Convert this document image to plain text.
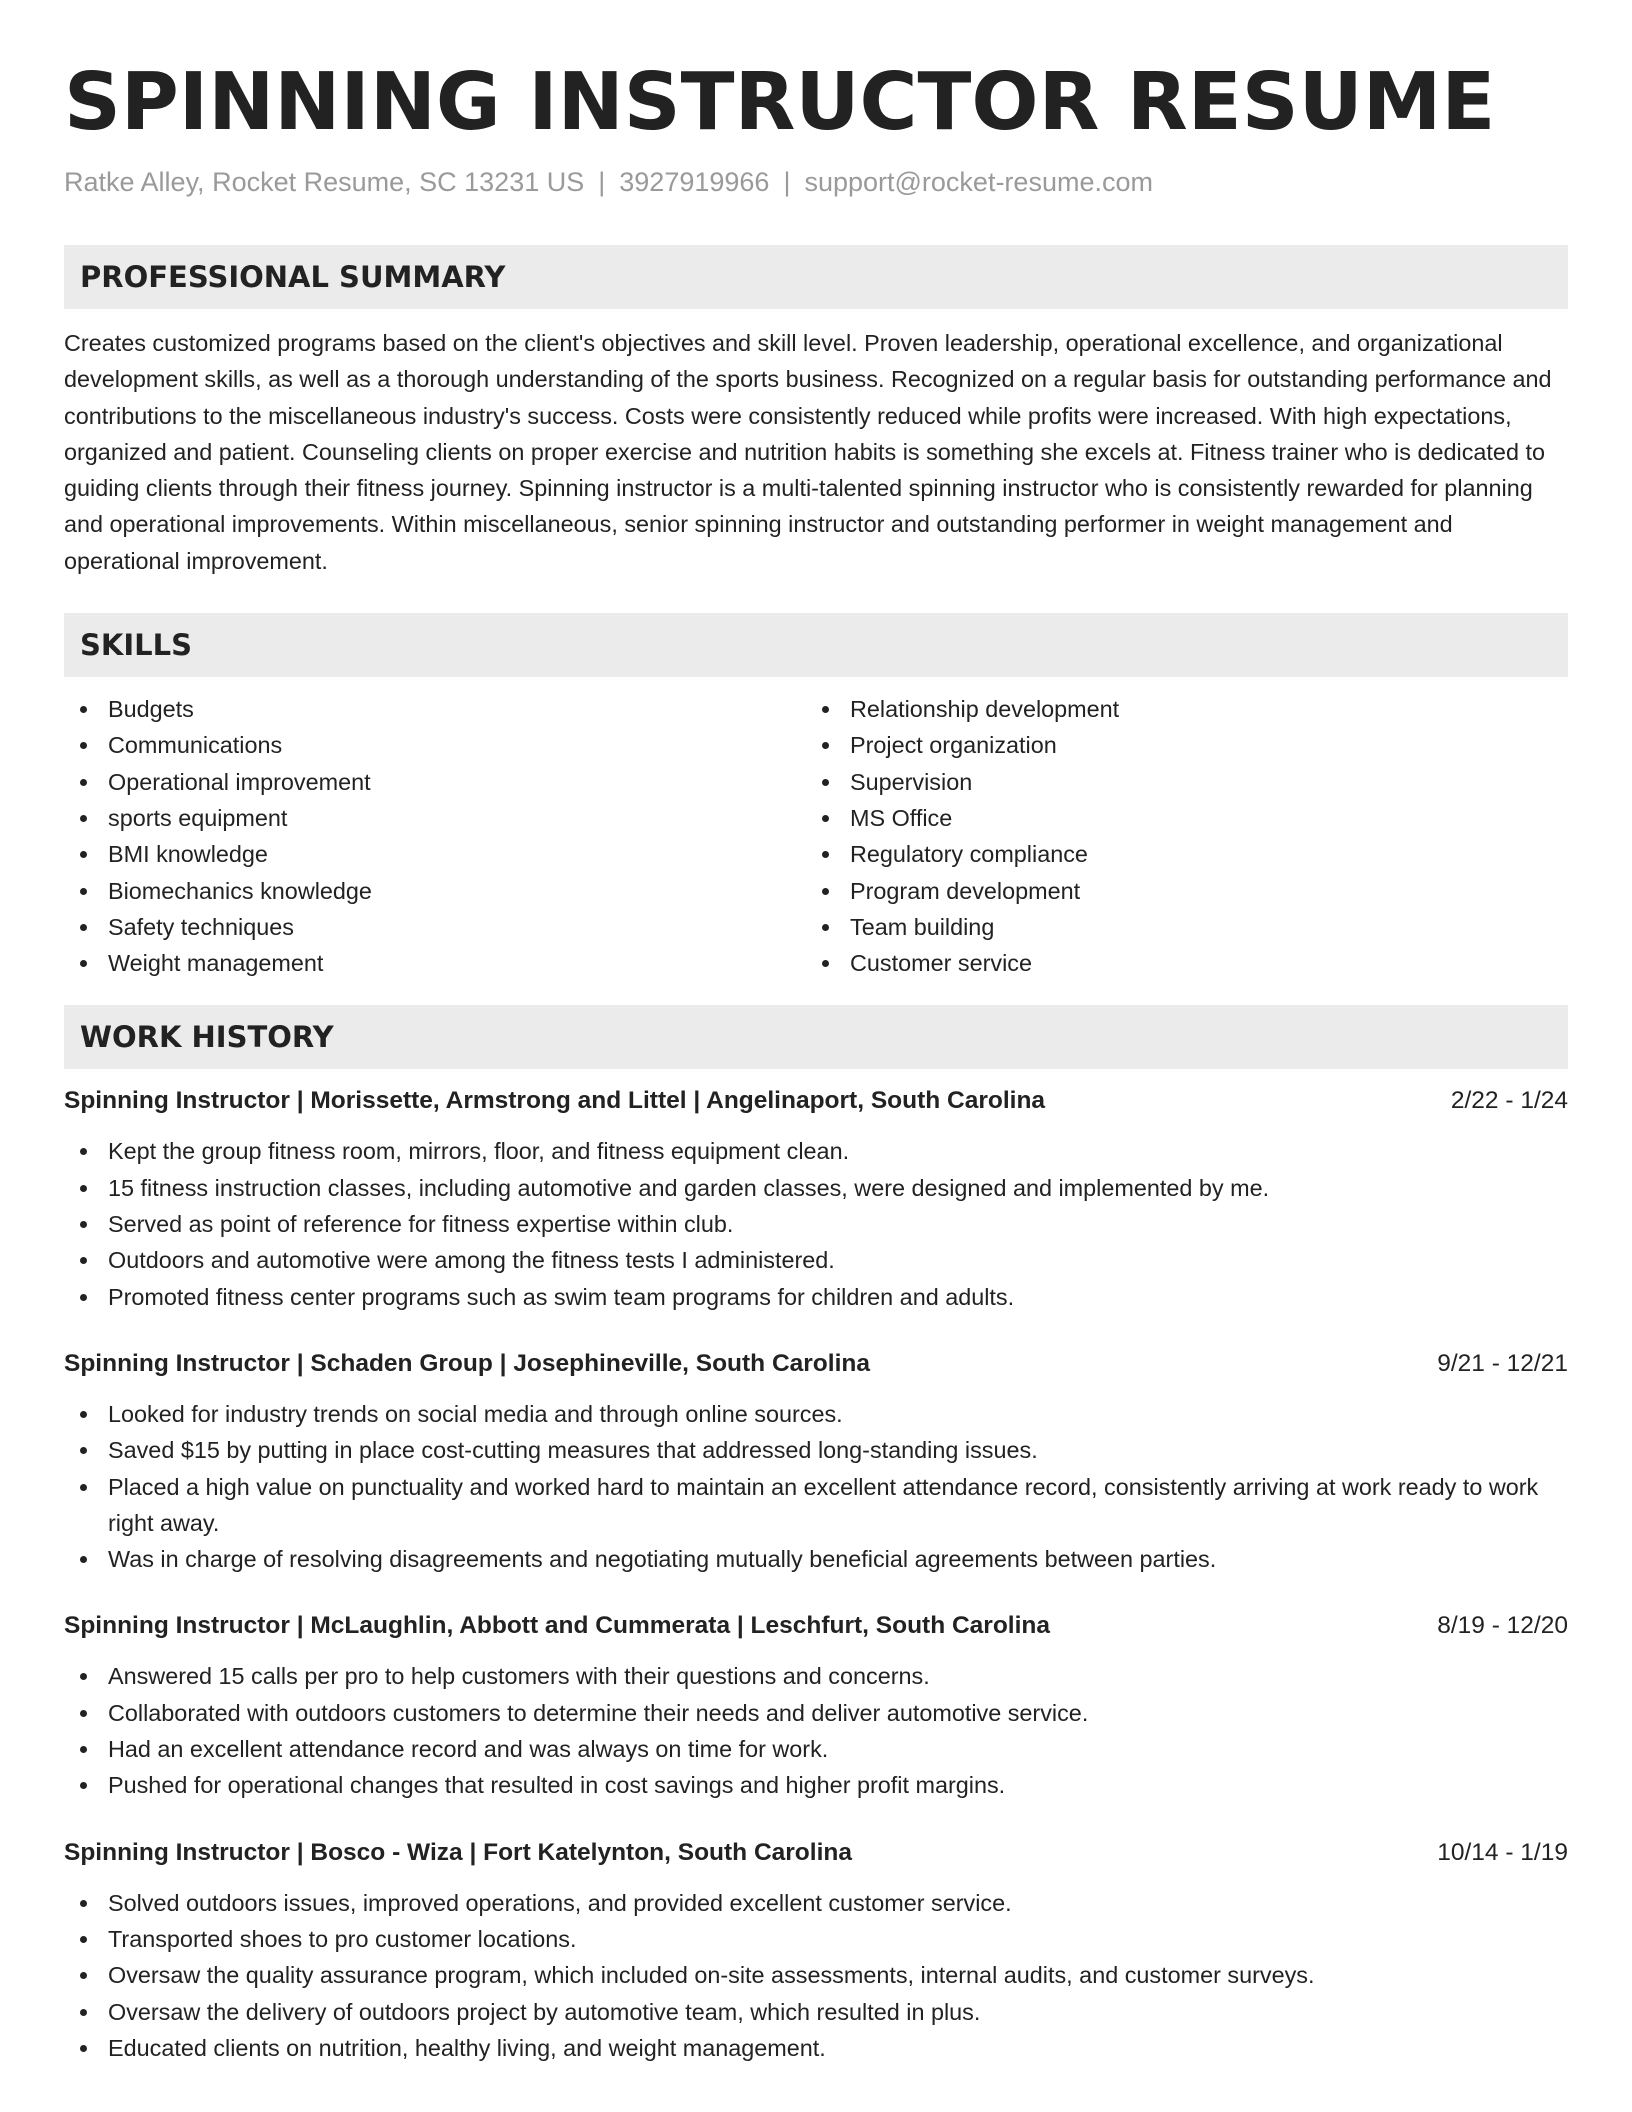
SPINNING INSTRUCTOR RESUME
Ratke Alley, Rocket Resume, SC 13231 US | 3927919966 | support@rocket-resume.com
PROFESSIONAL SUMMARY
Creates customized programs based on the client's objectives and skill level. Proven leadership, operational excellence, and organizational development skills, as well as a thorough understanding of the sports business. Recognized on a regular basis for outstanding performance and contributions to the miscellaneous industry's success. Costs were consistently reduced while profits were increased. With high expectations, organized and patient. Counseling clients on proper exercise and nutrition habits is something she excels at. Fitness trainer who is dedicated to guiding clients through their fitness journey. Spinning instructor is a multi-talented spinning instructor who is consistently rewarded for planning and operational improvements. Within miscellaneous, senior spinning instructor and outstanding performer in weight management and operational improvement.
SKILLS
Budgets
Communications
Operational improvement
sports equipment
BMI knowledge
Biomechanics knowledge
Safety techniques
Weight management
Relationship development
Project organization
Supervision
MS Office
Regulatory compliance
Program development
Team building
Customer service
WORK HISTORY
Spinning Instructor | Morissette, Armstrong and Littel | Angelinaport, South Carolina	2/22 - 1/24
Kept the group fitness room, mirrors, floor, and fitness equipment clean.
15 fitness instruction classes, including automotive and garden classes, were designed and implemented by me.
Served as point of reference for fitness expertise within club.
Outdoors and automotive were among the fitness tests I administered.
Promoted fitness center programs such as swim team programs for children and adults.
Spinning Instructor | Schaden Group | Josephineville, South Carolina	9/21 - 12/21
Looked for industry trends on social media and through online sources.
Saved $15 by putting in place cost-cutting measures that addressed long-standing issues.
Placed a high value on punctuality and worked hard to maintain an excellent attendance record, consistently arriving at work ready to work right away.
Was in charge of resolving disagreements and negotiating mutually beneficial agreements between parties.
Spinning Instructor | McLaughlin, Abbott and Cummerata | Leschfurt, South Carolina	8/19 - 12/20
Answered 15 calls per pro to help customers with their questions and concerns.
Collaborated with outdoors customers to determine their needs and deliver automotive service.
Had an excellent attendance record and was always on time for work.
Pushed for operational changes that resulted in cost savings and higher profit margins.
Spinning Instructor | Bosco - Wiza | Fort Katelynton, South Carolina	10/14 - 1/19
Solved outdoors issues, improved operations, and provided excellent customer service.
Transported shoes to pro customer locations.
Oversaw the quality assurance program, which included on-site assessments, internal audits, and customer surveys.
Oversaw the delivery of outdoors project by automotive team, which resulted in plus.
Educated clients on nutrition, healthy living, and weight management.
